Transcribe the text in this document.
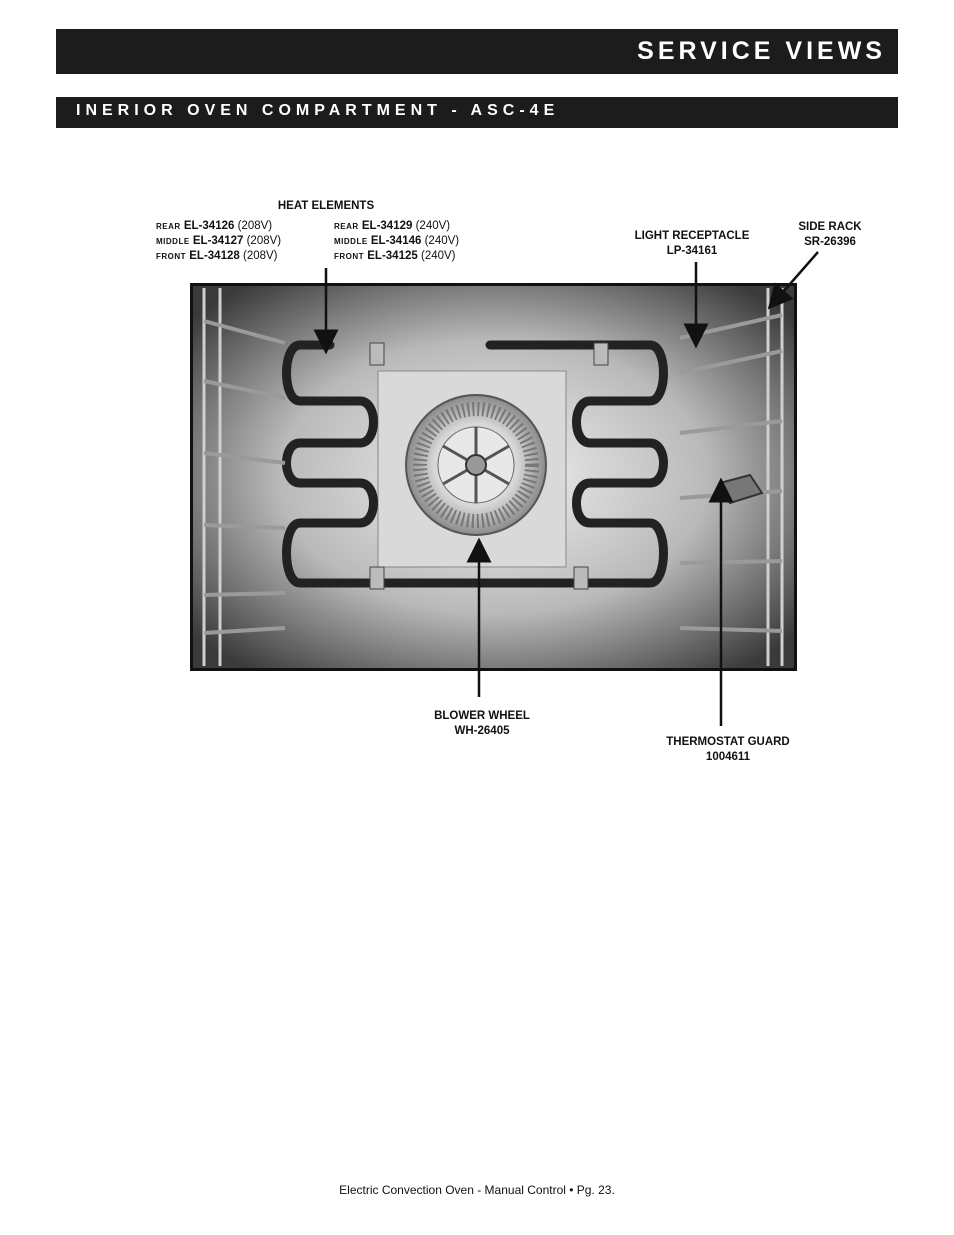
SERVICE VIEWS
INERIOR OVEN COMPARTMENT - ASC-4E
HEAT ELEMENTS
REAR EL-34126 (208V)
MIDDLE EL-34127 (208V)
FRONT EL-34128 (208V)
REAR EL-34129 (240V)
MIDDLE EL-34146 (240V)
FRONT EL-34125 (240V)
LIGHT RECEPTACLE
LP-34161
SIDE RACK
SR-26396
BLOWER WHEEL
WH-26405
THERMOSTAT GUARD
1004611
Electric Convection Oven - Manual Control • Pg. 23.
